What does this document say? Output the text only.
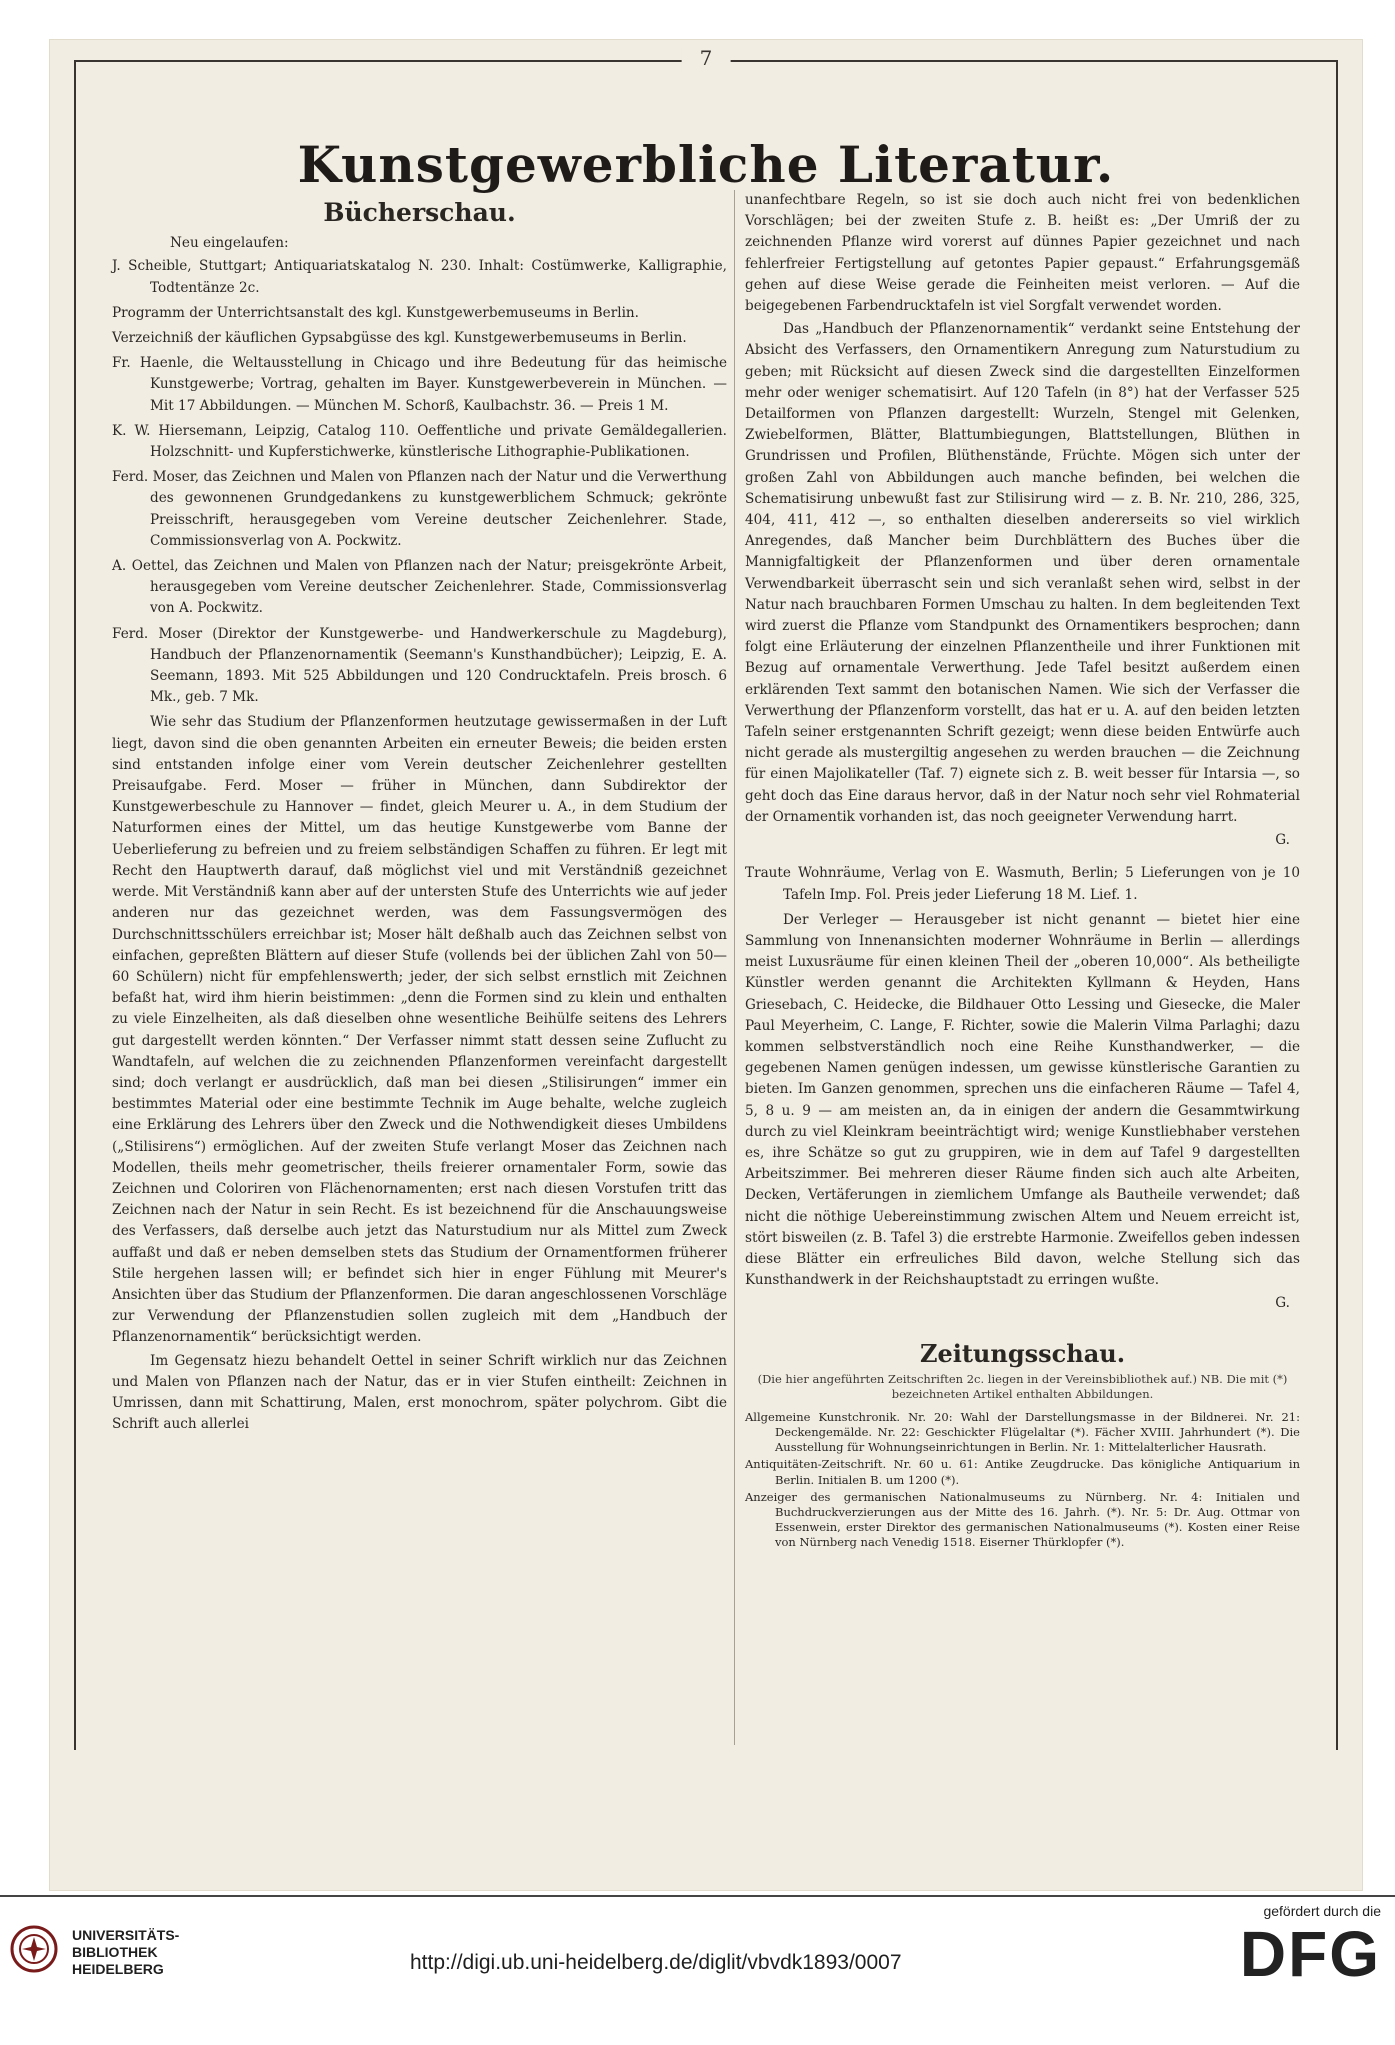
7
Kunstgewerbliche Literatur.
Bücherschau.
Neu eingelaufen:
J. Scheible, Stuttgart; Antiquariatskatalog N. 230. Inhalt: Costümwerke, Kalligraphie, Todtentänze 2c.
Programm der Unterrichtsanstalt des kgl. Kunstgewerbemuseums in Berlin.
Verzeichniß der käuflichen Gypsabgüsse des kgl. Kunstgewerbemuseums in Berlin.
Fr. Haenle, die Weltausstellung in Chicago und ihre Bedeutung für das heimische Kunstgewerbe; Vortrag, gehalten im Bayer. Kunstgewerbeverein in München. — Mit 17 Abbildungen. — München M. Schorß, Kaulbachstr. 36. — Preis 1 M.
K. W. Hiersemann, Leipzig, Catalog 110. Oeffentliche und private Gemäldegallerien. Holzschnitt- und Kupferstichwerke, künstlerische Lithographie-Publikationen.
Ferd. Moser, das Zeichnen und Malen von Pflanzen nach der Natur und die Verwerthung des gewonnenen Grundgedankens zu kunstgewerblichem Schmuck; gekrönte Preisschrift, herausgegeben vom Vereine deutscher Zeichenlehrer. Stade, Commissionsverlag von A. Pockwitz.
A. Oettel, das Zeichnen und Malen von Pflanzen nach der Natur; preisgekrönte Arbeit, herausgegeben vom Vereine deutscher Zeichenlehrer. Stade, Commissionsverlag von A. Pockwitz.
Ferd. Moser (Direktor der Kunstgewerbe- und Handwerkerschule zu Magdeburg), Handbuch der Pflanzenornamentik (Seemann's Kunsthandbücher); Leipzig, E. A. Seemann, 1893. Mit 525 Abbildungen und 120 Condrucktafeln. Preis brosch. 6 Mk., geb. 7 Mk.

Wie sehr das Studium der Pflanzenformen heutzutage gewissermaßen in der Luft liegt, davon sind die oben genannten Arbeiten ein erneuter Beweis; die beiden ersten sind entstanden infolge einer vom Verein deutscher Zeichenlehrer gestellten Preisaufgabe. Ferd. Moser — früher in München, dann Subdirektor der Kunstgewerbeschule zu Hannover — findet, gleich Meurer u. A., in dem Studium der Naturformen eines der Mittel, um das heutige Kunstgewerbe vom Banne der Ueberlieferung zu befreien und zu freiem selbständigen Schaffen zu führen. Er legt mit Recht den Hauptwerth darauf, daß möglichst viel und mit Verständniß gezeichnet werde. Mit Verständniß kann aber auf der untersten Stufe des Unterrichts wie auf jeder anderen nur das gezeichnet werden, was dem Fassungsvermögen des Durchschnittsschülers erreichbar ist; Moser hält deßhalb auch das Zeichnen selbst von einfachen, gepreßten Blättern auf dieser Stufe (vollends bei der üblichen Zahl von 50—60 Schülern) nicht für empfehlenswerth; jeder, der sich selbst ernstlich mit Zeichnen befaßt hat, wird ihm hierin beistimmen: „denn die Formen sind zu klein und enthalten zu viele Einzelheiten, als daß dieselben ohne wesentliche Beihülfe seitens des Lehrers gut dargestellt werden könnten.“ Der Verfasser nimmt statt dessen seine Zuflucht zu Wandtafeln, auf welchen die zu zeichnenden Pflanzenformen vereinfacht dargestellt sind; doch verlangt er ausdrücklich, daß man bei diesen „Stilisirungen“ immer ein bestimmtes Material oder eine bestimmte Technik im Auge behalte, welche zugleich eine Erklärung des Lehrers über den Zweck und die Nothwendigkeit dieses Umbildens („Stilisirens“) ermöglichen. Auf der zweiten Stufe verlangt Moser das Zeichnen nach Modellen, theils mehr geometrischer, theils freierer ornamentaler Form, sowie das Zeichnen und Coloriren von Flächenornamenten; erst nach diesen Vorstufen tritt das Zeichnen nach der Natur in sein Recht. Es ist bezeichnend für die Anschauungsweise des Verfassers, daß derselbe auch jetzt das Naturstudium nur als Mittel zum Zweck auffaßt und daß er neben demselben stets das Studium der Ornamentformen früherer Stile hergehen lassen will; er befindet sich hier in enger Fühlung mit Meurer's Ansichten über das Studium der Pflanzenformen. Die daran angeschlossenen Vorschläge zur Verwendung der Pflanzenstudien sollen zugleich mit dem „Handbuch der Pflanzenornamentik“ berücksichtigt werden.

Im Gegensatz hiezu behandelt Oettel in seiner Schrift wirklich nur das Zeichnen und Malen von Pflanzen nach der Natur, das er in vier Stufen eintheilt: Zeichnen in Umrissen, dann mit Schattirung, Malen, erst monochrom, später polychrom. Gibt die Schrift auch allerlei

unanfechtbare Regeln, so ist sie doch auch nicht frei von bedenklichen Vorschlägen; bei der zweiten Stufe z. B. heißt es: „Der Umriß der zu zeichnenden Pflanze wird vorerst auf dünnes Papier gezeichnet und nach fehlerfreier Fertigstellung auf getontes Papier gepaust.“ Erfahrungsgemäß gehen auf diese Weise gerade die Feinheiten meist verloren. — Auf die beigegebenen Farbendrucktafeln ist viel Sorgfalt verwendet worden.

Das „Handbuch der Pflanzenornamentik“ verdankt seine Entstehung der Absicht des Verfassers, den Ornamentikern Anregung zum Naturstudium zu geben; mit Rücksicht auf diesen Zweck sind die dargestellten Einzelformen mehr oder weniger schematisirt. Auf 120 Tafeln (in 8°) hat der Verfasser 525 Detailformen von Pflanzen dargestellt: Wurzeln, Stengel mit Gelenken, Zwiebelformen, Blätter, Blattumbiegungen, Blattstellungen, Blüthen in Grundrissen und Profilen, Blüthenstände, Früchte. Mögen sich unter der großen Zahl von Abbildungen auch manche befinden, bei welchen die Schematisirung unbewußt fast zur Stilisirung wird — z. B. Nr. 210, 286, 325, 404, 411, 412 —, so enthalten dieselben andererseits so viel wirklich Anregendes, daß Mancher beim Durchblättern des Buches über die Mannigfaltigkeit der Pflanzenformen und über deren ornamentale Verwendbarkeit überrascht sein und sich veranlaßt sehen wird, selbst in der Natur nach brauchbaren Formen Umschau zu halten. In dem begleitenden Text wird zuerst die Pflanze vom Standpunkt des Ornamentikers besprochen; dann folgt eine Erläuterung der einzelnen Pflanzentheile und ihrer Funktionen mit Bezug auf ornamentale Verwerthung. Jede Tafel besitzt außerdem einen erklärenden Text sammt den botanischen Namen. Wie sich der Verfasser die Verwerthung der Pflanzenform vorstellt, das hat er u. A. auf den beiden letzten Tafeln seiner erstgenannten Schrift gezeigt; wenn diese beiden Entwürfe auch nicht gerade als mustergiltig angesehen zu werden brauchen — die Zeichnung für einen Majolikateller (Taf. 7) eignete sich z. B. weit besser für Intarsia —, so geht doch das Eine daraus hervor, daß in der Natur noch sehr viel Rohmaterial der Ornamentik vorhanden ist, das noch geeigneter Verwendung harrt.

G.
Traute Wohnräume, Verlag von E. Wasmuth, Berlin; 5 Lieferungen von je 10 Tafeln Imp. Fol. Preis jeder Lieferung 18 M. Lief. 1.

Der Verleger — Herausgeber ist nicht genannt — bietet hier eine Sammlung von Innenansichten moderner Wohnräume in Berlin — allerdings meist Luxusräume für einen kleinen Theil der „oberen 10,000“. Als betheiligte Künstler werden genannt die Architekten Kyllmann & Heyden, Hans Griesebach, C. Heidecke, die Bildhauer Otto Lessing und Giesecke, die Maler Paul Meyerheim, C. Lange, F. Richter, sowie die Malerin Vilma Parlaghi; dazu kommen selbstverständlich noch eine Reihe Kunsthandwerker, — die gegebenen Namen genügen indessen, um gewisse künstlerische Garantien zu bieten. Im Ganzen genommen, sprechen uns die einfacheren Räume — Tafel 4, 5, 8 u. 9 — am meisten an, da in einigen der andern die Gesammtwirkung durch zu viel Kleinkram beeinträchtigt wird; wenige Kunstliebhaber verstehen es, ihre Schätze so gut zu gruppiren, wie in dem auf Tafel 9 dargestellten Arbeitszimmer. Bei mehreren dieser Räume finden sich auch alte Arbeiten, Decken, Vertäferungen in ziemlichem Umfange als Bautheile verwendet; daß nicht die nöthige Uebereinstimmung zwischen Altem und Neuem erreicht ist, stört bisweilen (z. B. Tafel 3) die erstrebte Harmonie. Zweifellos geben indessen diese Blätter ein erfreuliches Bild davon, welche Stellung sich das Kunsthandwerk in der Reichshauptstadt zu erringen wußte.

G.
Zeitungsschau.
(Die hier angeführten Zeitschriften 2c. liegen in der Vereinsbibliothek auf.) NB. Die mit (*) bezeichneten Artikel enthalten Abbildungen.
Allgemeine Kunstchronik. Nr. 20: Wahl der Darstellungsmasse in der Bildnerei. Nr. 21: Deckengemälde. Nr. 22: Geschickter Flügelaltar (*). Fächer XVIII. Jahrhundert (*). Die Ausstellung für Wohnungseinrichtungen in Berlin. Nr. 1: Mittelalterlicher Hausrath.
Antiquitäten-Zeitschrift. Nr. 60 u. 61: Antike Zeugdrucke. Das königliche Antiquarium in Berlin. Initialen B. um 1200 (*).
Anzeiger des germanischen Nationalmuseums zu Nürnberg. Nr. 4: Initialen und Buchdruckverzierungen aus der Mitte des 16. Jahrh. (*). Nr. 5: Dr. Aug. Ottmar von Essenwein, erster Direktor des germanischen Nationalmuseums (*). Kosten einer Reise von Nürnberg nach Venedig 1518. Eiserner Thürklopfer (*).
UNIVERSITÄTS-
BIBLIOTHEK
HEIDELBERG	http://digi.ub.uni-heidelberg.de/diglit/vbvdk1893/0007
gefördert durch die
DFG
